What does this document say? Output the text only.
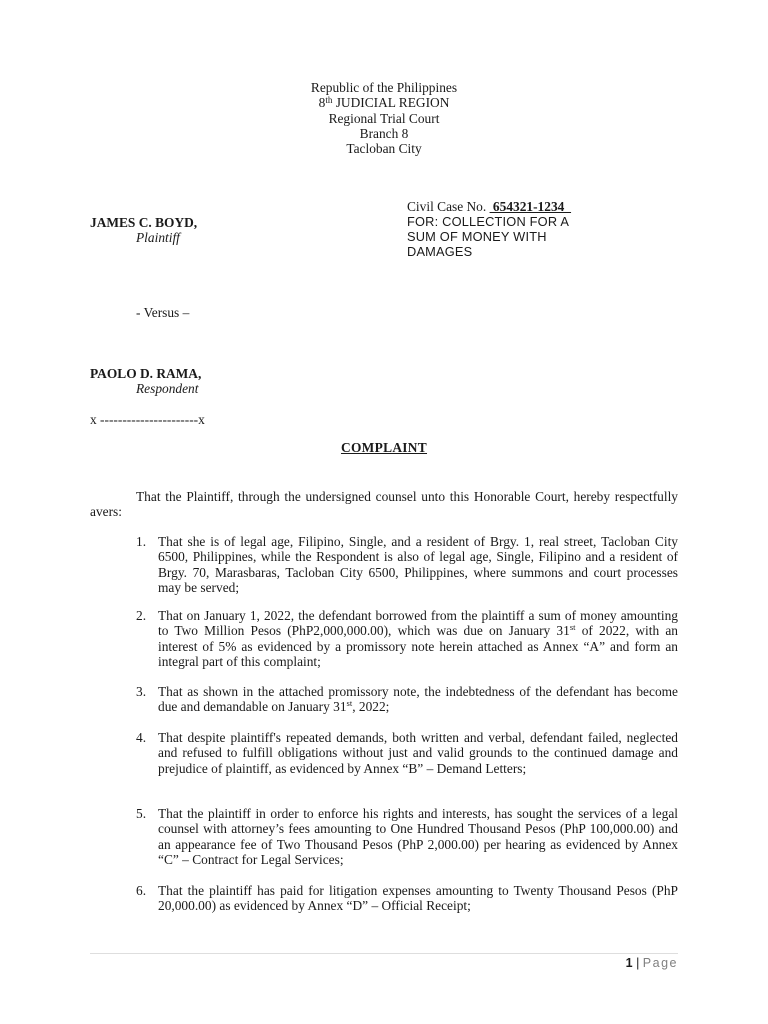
Republic of the Philippines
8th JUDICIAL REGION
Regional Trial Court
Branch 8
Tacloban City
Civil Case No.  654321-1234
FOR: COLLECTION FOR A
SUM OF MONEY WITH
DAMAGES
JAMES C. BOYD,
Plaintiff
- Versus –
PAOLO D. RAMA,
Respondent
x ----------------------x
COMPLAINT
That the Plaintiff, through the undersigned counsel unto this Honorable Court, hereby respectfully avers:
1. That she is of legal age, Filipino, Single, and a resident of Brgy. 1, real street, Tacloban City 6500, Philippines, while the Respondent is also of legal age, Single, Filipino and a resident of Brgy. 70, Marasbaras, Tacloban City 6500, Philippines, where summons and court processes may be served;
2. That on January 1, 2022, the defendant borrowed from the plaintiff a sum of money amounting to Two Million Pesos (PhP2,000,000.00), which was due on January 31st of 2022, with an interest of 5% as evidenced by a promissory note herein attached as Annex “A” and form an integral part of this complaint;
3. That as shown in the attached promissory note, the indebtedness of the defendant has become due and demandable on January 31st, 2022;
4. That despite plaintiff's repeated demands, both written and verbal, defendant failed, neglected and refused to fulfill obligations without just and valid grounds to the continued damage and prejudice of plaintiff, as evidenced by Annex “B” – Demand Letters;
5. That the plaintiff in order to enforce his rights and interests, has sought the services of a legal counsel with attorney’s fees amounting to One Hundred Thousand Pesos (PhP 100,000.00) and an appearance fee of Two Thousand Pesos (PhP 2,000.00) per hearing as evidenced by Annex “C” – Contract for Legal Services;
6. That the plaintiff has paid for litigation expenses amounting to Twenty Thousand Pesos (PhP 20,000.00) as evidenced by Annex “D” – Official Receipt;
1 | Page
